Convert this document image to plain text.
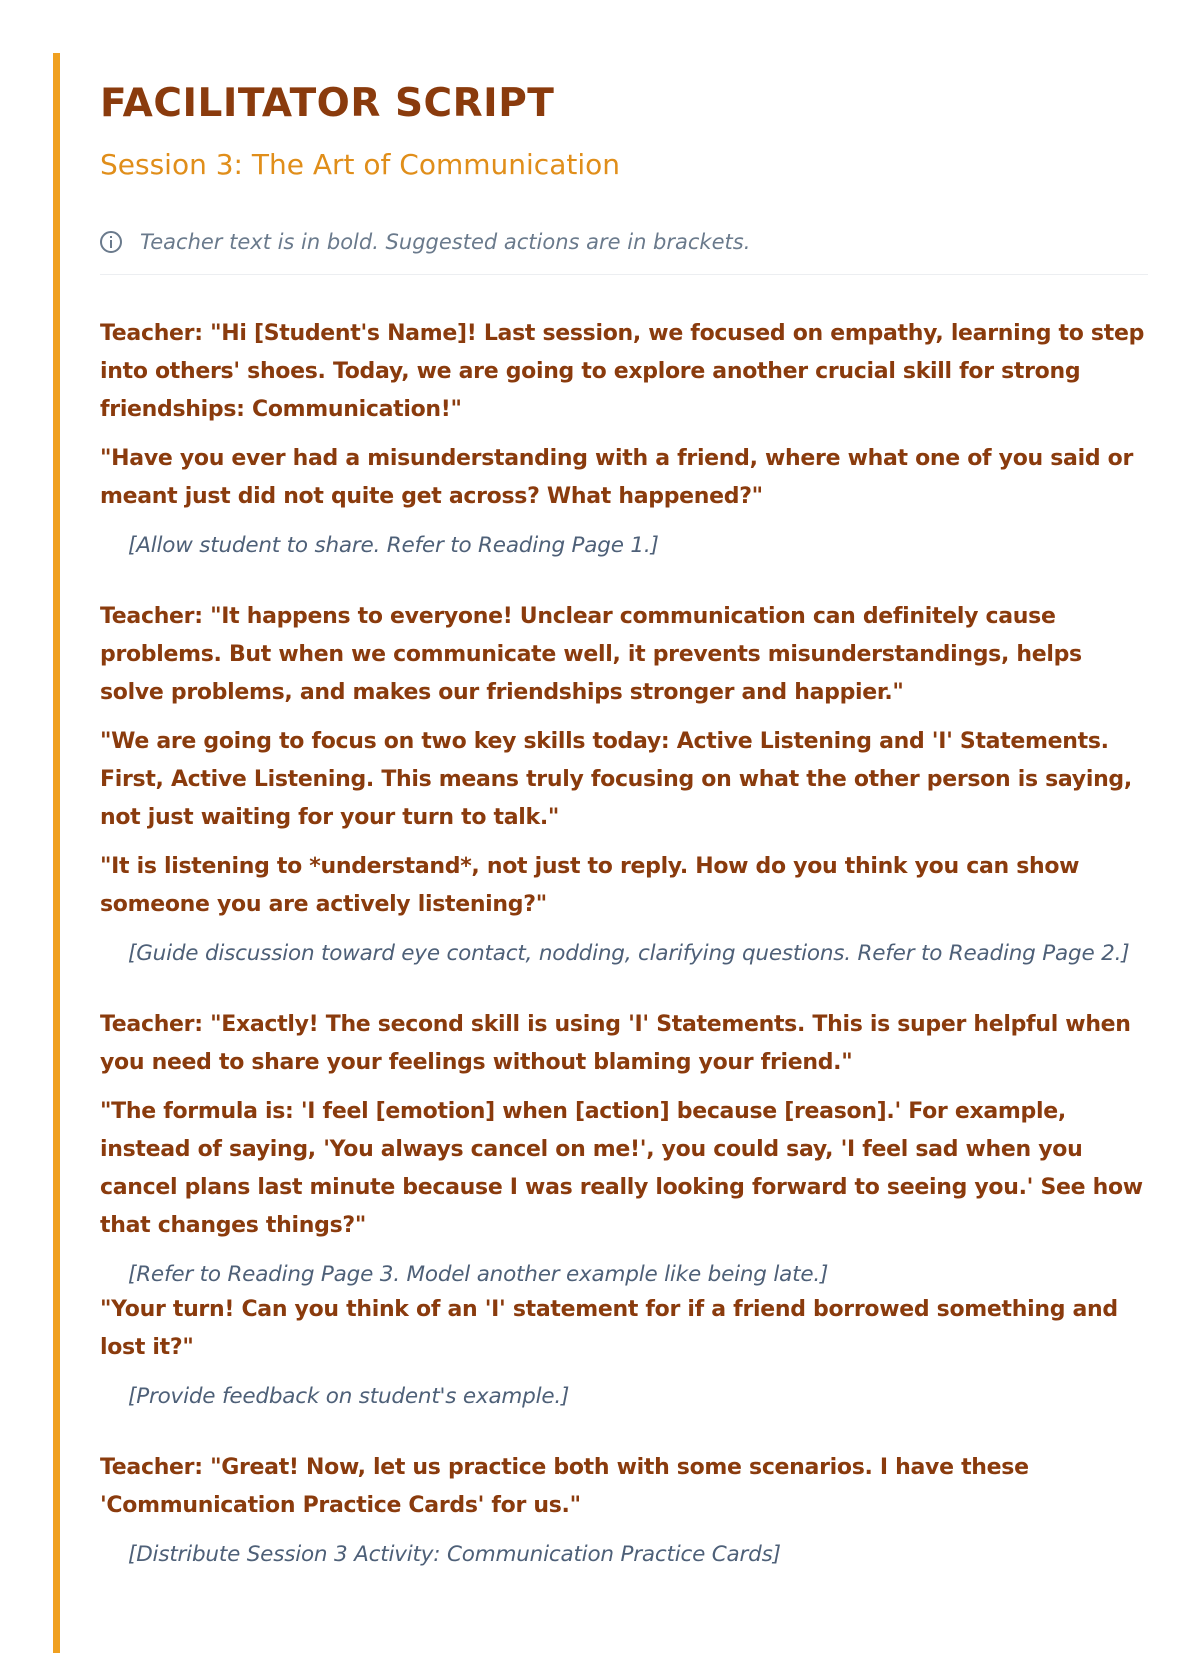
FACILITATOR SCRIPT
Session 3: The Art of Communication
Teacher text is in bold. Suggested actions are in brackets.

Teacher: "Hi [Student's Name]! Last session, we focused on empathy, learning to step into others' shoes. Today, we are going to explore another crucial skill for strong friendships: Communication!"

"Have you ever had a misunderstanding with a friend, where what one of you said or meant just did not quite get across? What happened?"

[Allow student to share. Refer to Reading Page 1.]

Teacher: "It happens to everyone! Unclear communication can definitely cause problems. But when we communicate well, it prevents misunderstandings, helps solve problems, and makes our friendships stronger and happier."

"We are going to focus on two key skills today: Active Listening and 'I' Statements. First, Active Listening. This means truly focusing on what the other person is saying, not just waiting for your turn to talk."

"It is listening to *understand*, not just to reply. How do you think you can show someone you are actively listening?"

[Guide discussion toward eye contact, nodding, clarifying questions. Refer to Reading Page 2.]

Teacher: "Exactly! The second skill is using 'I' Statements. This is super helpful when you need to share your feelings without blaming your friend."

"The formula is: 'I feel [emotion] when [action] because [reason].' For example, instead of saying, 'You always cancel on me!', you could say, 'I feel sad when you cancel plans last minute because I was really looking forward to seeing you.' See how that changes things?"

[Refer to Reading Page 3. Model another example like being late.]

"Your turn! Can you think of an 'I' statement for if a friend borrowed something and lost it?"

[Provide feedback on student's example.]

Teacher: "Great! Now, let us practice both with some scenarios. I have these 'Communication Practice Cards' for us."

[Distribute Session 3 Activity: Communication Practice Cards]
